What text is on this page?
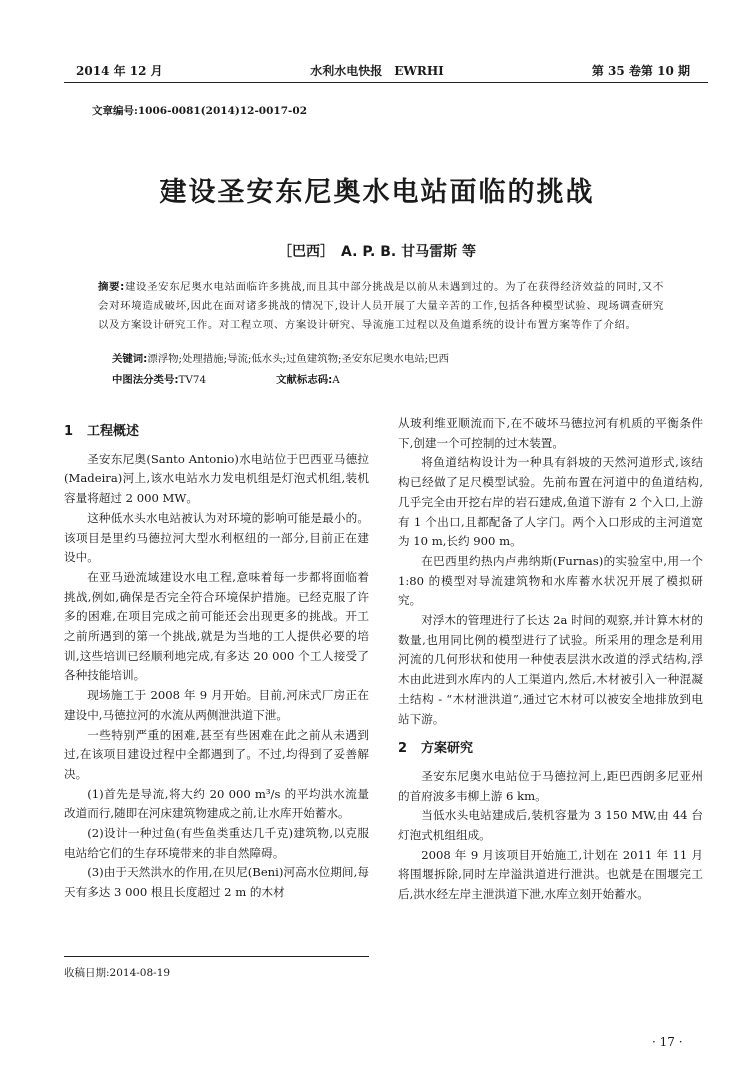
2014 年 12 月	水利水电快报　EWRHI	第 35 卷第 10 期
文章编号:1006-0081(2014)12-0017-02
建设圣安东尼奥水电站面临的挑战
［巴西］　A. P. B. 甘马雷斯 等
摘要:建设圣安东尼奥水电站面临许多挑战,而且其中部分挑战是以前从未遇到过的。为了在获得经济效益的同时,又不会对环境造成破坏,因此在面对诸多挑战的情况下,设计人员开展了大量辛苦的工作,包括各种模型试验、现场调查研究以及方案设计研究工作。对工程立项、方案设计研究、导流施工过程以及鱼道系统的设计布置方案等作了介绍。
关键词:漂浮物;处理措施;导流;低水头;过鱼建筑物;圣安东尼奥水电站;巴西
中图法分类号:TV74	文献标志码:A
1 工程概述

圣安东尼奥(Santo Antonio)水电站位于巴西亚马德拉(Madeira)河上,该水电站水力发电机组是灯泡式机组,装机容量将超过 2 000 MW。

这种低水头水电站被认为对环境的影响可能是最小的。该项目是里约马德拉河大型水利枢纽的一部分,目前正在建设中。

在亚马逊流域建设水电工程,意味着每一步都将面临着挑战,例如,确保是否完全符合环境保护措施。已经克服了许多的困难,在项目完成之前可能还会出现更多的挑战。开工之前所遇到的第一个挑战,就是为当地的工人提供必要的培训,这些培训已经顺利地完成,有多达 20 000 个工人接受了各种技能培训。

现场施工于 2008 年 9 月开始。目前,河床式厂房正在建设中,马德拉河的水流从两侧泄洪道下泄。

一些特别严重的困难,甚至有些困难在此之前从未遇到过,在该项目建设过程中全都遇到了。不过,均得到了妥善解决。

(1)首先是导流,将大约 20 000 m³/s 的平均洪水流量改道而行,随即在河床建筑物建成之前,让水库开始蓄水。

(2)设计一种过鱼(有些鱼类重达几千克)建筑物,以克服电站给它们的生存环境带来的非自然障碍。

(3)由于天然洪水的作用,在贝尼(Beni)河高水位期间,每天有多达 3 000 根且长度超过 2 m 的木材

从玻利维亚顺流而下,在不破坏马德拉河有机质的平衡条件下,创建一个可控制的过木装置。

将鱼道结构设计为一种具有斜坡的天然河道形式,该结构已经做了足尺模型试验。先前布置在河道中的鱼道结构,几乎完全由开挖右岸的岩石建成,鱼道下游有 2 个入口,上游有 1 个出口,且都配备了人字门。两个入口形成的主河道宽为 10 m,长约 900 m。

在巴西里约热内卢弗纳斯(Furnas)的实验室中,用一个 1:80 的模型对导流建筑物和水库蓄水状况开展了模拟研究。

对浮木的管理进行了长达 2a 时间的观察,并计算木材的数量,也用同比例的模型进行了试验。所采用的理念是利用河流的几何形状和使用一种使表层洪水改道的浮式结构,浮木由此进到水库内的人工渠道内,然后,木材被引入一种混凝土结构 - “木材泄洪道”,通过它木材可以被安全地排放到电站下游。

2 方案研究

圣安东尼奥水电站位于马德拉河上,距巴西朗多尼亚州的首府波多韦柳上游 6 km。

当低水头电站建成后,装机容量为 3 150 MW,由 44 台灯泡式机组组成。

2008 年 9 月该项目开始施工,计划在 2011 年 11 月将围堰拆除,同时左岸溢洪道进行泄洪。也就是在围堰完工后,洪水经左岸主泄洪道下泄,水库立刻开始蓄水。

收稿日期:2014-08-19
· 17 ·
